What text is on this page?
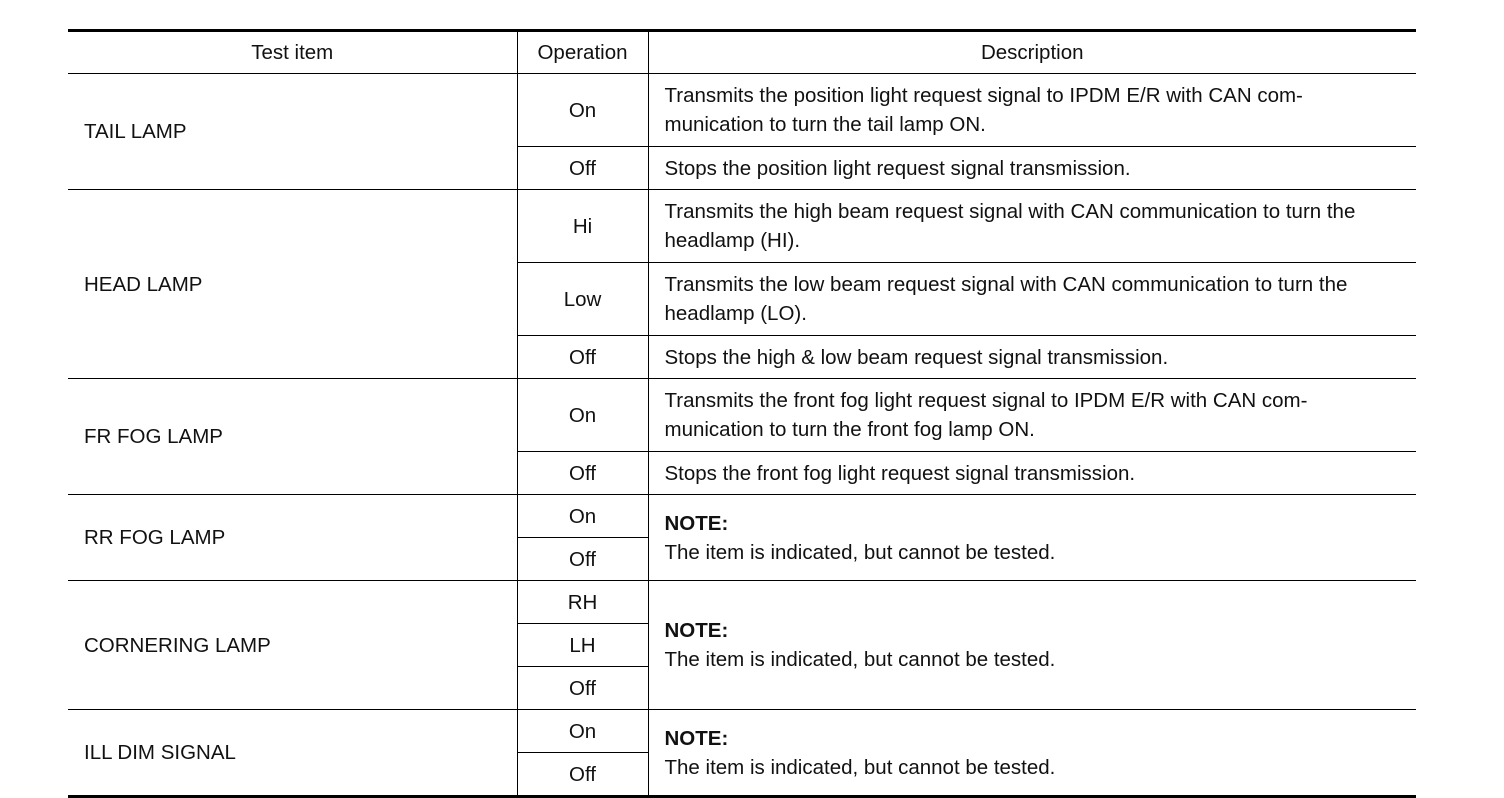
Test item	Operation	Description
TAIL LAMP	On	Transmits the position light request signal to IPDM E/R with CAN com-munication to turn the tail lamp ON.
	Off	Stops the position light request signal transmission.
HEAD LAMP	Hi	Transmits the high beam request signal with CAN communication to turn the headlamp (HI).
	Low	Transmits the low beam request signal with CAN communication to turn the headlamp (LO).
	Off	Stops the high & low beam request signal transmission.
FR FOG LAMP	On	Transmits the front fog light request signal to IPDM E/R with CAN com-munication to turn the front fog lamp ON.
	Off	Stops the front fog light request signal transmission.
RR FOG LAMP	On	NOTE:
The item is indicated, but cannot be tested.

	Off	
CORNERING LAMP	RH	NOTE:
The item is indicated, but cannot be tested.

	LH	
	Off	
ILL DIM SIGNAL	On	NOTE:
The item is indicated, but cannot be tested.

	Off	
